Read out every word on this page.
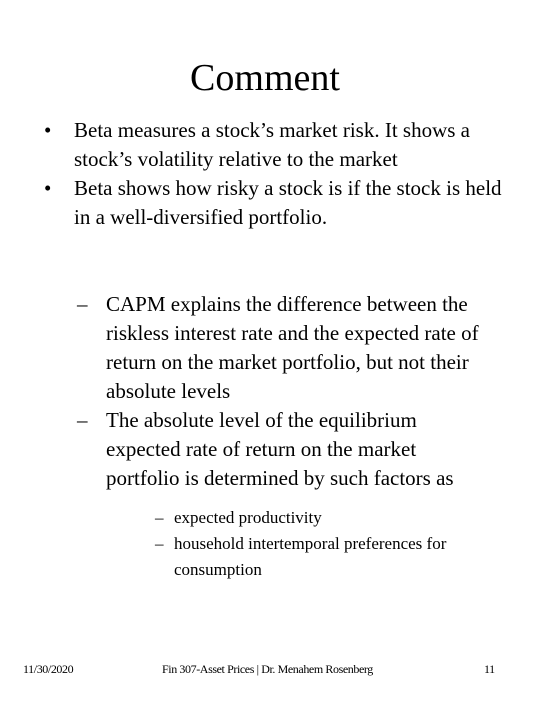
Comment
• Beta measures a stock’s market risk. It shows a stock’s volatility relative to the market
• Beta shows how risky a stock is if the stock is held in a well-diversified portfolio.
– CAPM explains the difference between the riskless interest rate and the expected rate of return on the market portfolio, but not their absolute levels
– The absolute level of the equilibrium expected rate of return on the market portfolio is determined by such factors as
– expected productivity
– household intertemporal preferences for consumption
11/30/2020	Fin 307-Asset Prices | Dr. Menahem Rosenberg	11
